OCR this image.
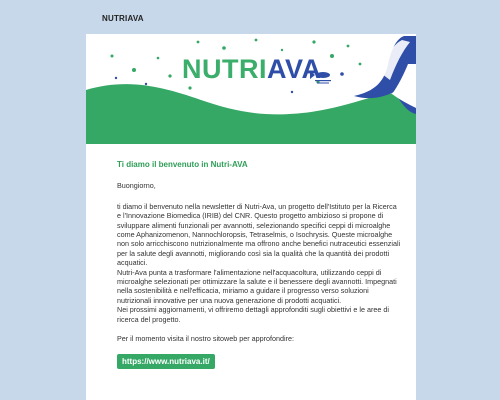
NUTRIAVA
NUTRIAVA

Ti diamo il benvenuto in Nutri-AVA

Buongiorno,

ti diamo il benvenuto nella newsletter di Nutri-Ava, un progetto dell'Istituto per la Ricerca e l'Innovazione Biomedica (IRIB) del CNR. Questo progetto ambizioso si propone di sviluppare alimenti funzionali per avannotti, selezionando specifici ceppi di microalghe come Aphanizomenon, Nannochloropsis, Tetraselmis, o Isochrysis. Queste microalghe non solo arricchiscono nutrizionalmente ma offrono anche benefici nutraceutici essenziali per la salute degli avannotti, migliorando così sia la qualità che la quantità dei prodotti acquatici.

Nutri-Ava punta a trasformare l'alimentazione nell'acquacoltura, utilizzando ceppi di microalghe selezionati per ottimizzare la salute e il benessere degli avannotti. Impegnati nella sostenibilità e nell'efficacia, miriamo a guidare il progresso verso soluzioni nutrizionali innovative per una nuova generazione di prodotti acquatici.

Nei prossimi aggiornamenti, vi offriremo dettagli approfonditi sugli obiettivi e le aree di ricerca del progetto.

Per il momento visita il nostro sitoweb per approfondire:

https://www.nutriava.it/
